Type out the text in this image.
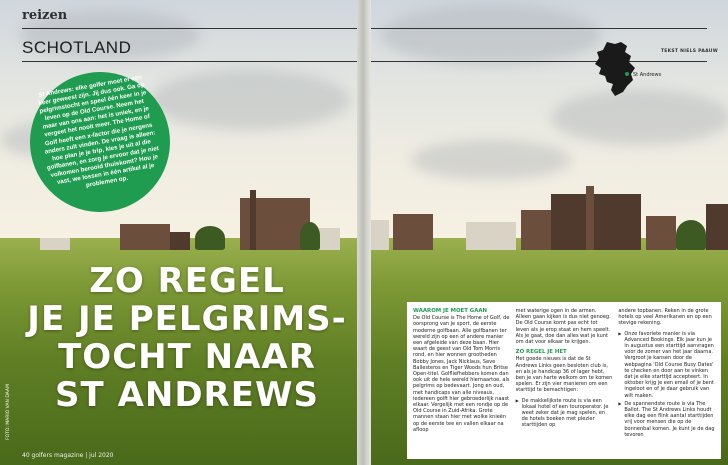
reizen
SCHOTLAND
St Andrews: elke golfer moet er een keer geweest zijn. Jij dus ook. Ga op pelgrimstocht en speel één keer in je leven op de Old Course. Neem het maar van ons aan: het is uniek, en je vergeet het nooit meer. The Home of Golf heeft een x-factor die je nergens anders zult vinden. De vraag is alleen: hoe plan je je trip, kies je uit al die golfbanen, en zorg je ervoor dat je niet volkomen berooid thuiskomt? Hou je vast, we lossen in één artikel al je problemen op.
ZO REGEL
JE JE PELGRIMS-
TOCHT NAAR
ST ANDREWS
FOTO: MARIO VAN DAAM
40 golfers magazine | jul 2020
TEKST NIELS PAAUW
St Andrews
WAAROM JE MOET GAAN

De Old Course is The Home of Golf, de oorsprong van je sport, de eerste moderne golfbaan. Alle golfbanen ter wereld zijn op een of andere manier een afgeleide van deze baan. Hier waart de geest van Old Tom Morris rond, en hier wonnen grootheden Bobby Jones, Jack Nicklaus, Seve Ballesteros en Tiger Woods hun Britse Open-titel. Golfliefhebbers komen dan ook uit de hele wereld hiernaartoe, als pelgrims op bedevaart. Jong en oud, met handicaps van alle niveaus, iedereen golft hier gebroederlijk naast elkaar. Vergelijk met een rondje op de Old Course in Zuid-Afrika. Grote mannen staan hier met wolke knieën op de eerste tee en vallen elkaar na afloop

met waterige ogen in de armen. Alleen gaan kijken is dus niet genoeg. De Old Course komt pas echt tot leven als je erop staat en hem speelt. Als je gaat, doe dan alles wat je kunt om dat voor elkaar te krijgen.

ZO REGEL JE HET

Het goede nieuws is dat de St Andrews Links geen besloten club is, en als je handicap 36 of lager hebt, ben je van harte welkom om te komen spelen. Er zijn vier manieren om een starttijd te bemachtigen:

▶ De makkelijkste route is via een lokaal hotel of een touroperator. Je weet zeker dat je mag spelen, en de hotels boeken met plezier starttijden op

andere topbanen. Reken in de grote hotels op veel Amerikanen en op een stevige rekening.

▶ Onze favoriete manier is via Advanced Bookings. Elk jaar kun je in augustus een starttijd aanvragen voor de zomer van het jaar daarna. Vergroot je kansen door de webpagina 'Old Course Busy Dates' te checken en door aan te vinken dat je elke starttijd accepteert. In oktober krijg je een email of je bent ingeloot en of je daar gebruik van wilt maken.
▶ De spannendste route is via The Ballot. The St Andrews Links houdt elke dag een flink aantal starttijden vrij voor mensen die op de bonnenbal komen. Je kunt je de dag tevoren
